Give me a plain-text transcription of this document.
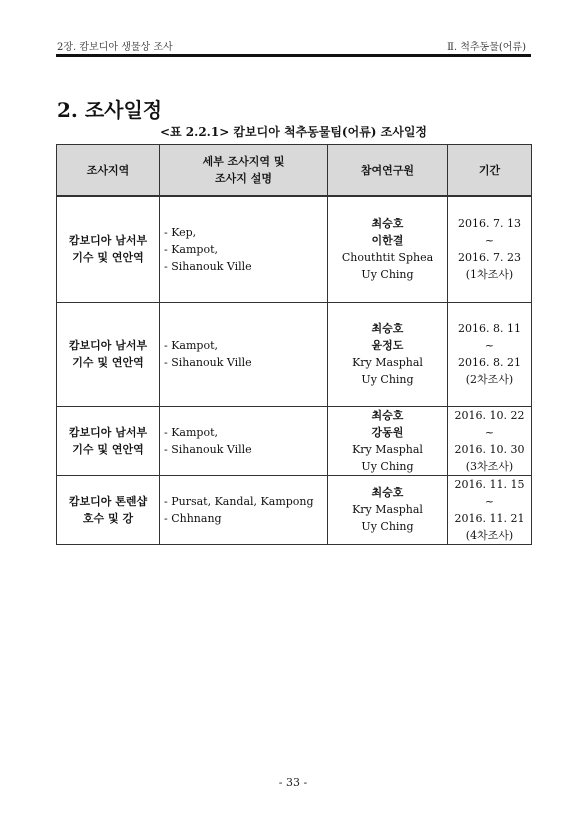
2장. 캄보디아 생물상 조사	Ⅱ. 척추동물(어류)
2. 조사일정
<표 2.2.1> 캄보디아 척추동물팀(어류) 조사일정
조사지역	세부 조사지역 및
조사지 설명	참여연구원	기간

캄보디아 남서부
기수 및 연안역	- Kep,
- Kampot,
- Sihanouk Ville	최승호
이한결
Chouthtit Sphea
Uy Ching	2016. 7. 13
~
2016. 7. 23
(1차조사)

캄보디아 남서부
기수 및 연안역	- Kampot,
- Sihanouk Ville	최승호
윤정도
Kry Masphal
Uy Ching	2016. 8. 11
~
2016. 8. 21
(2차조사)

캄보디아 남서부
기수 및 연안역	- Kampot,
- Sihanouk Ville	최승호
강동원
Kry Masphal
Uy Ching	2016. 10. 22
~
2016. 10. 30
(3차조사)

캄보디아 톤렌샵
호수 및 강	- Pursat, Kandal, Kampong
- Chhnang	최승호
Kry Masphal
Uy Ching	2016. 11. 15
~
2016. 11. 21
(4차조사)
- 33 -
